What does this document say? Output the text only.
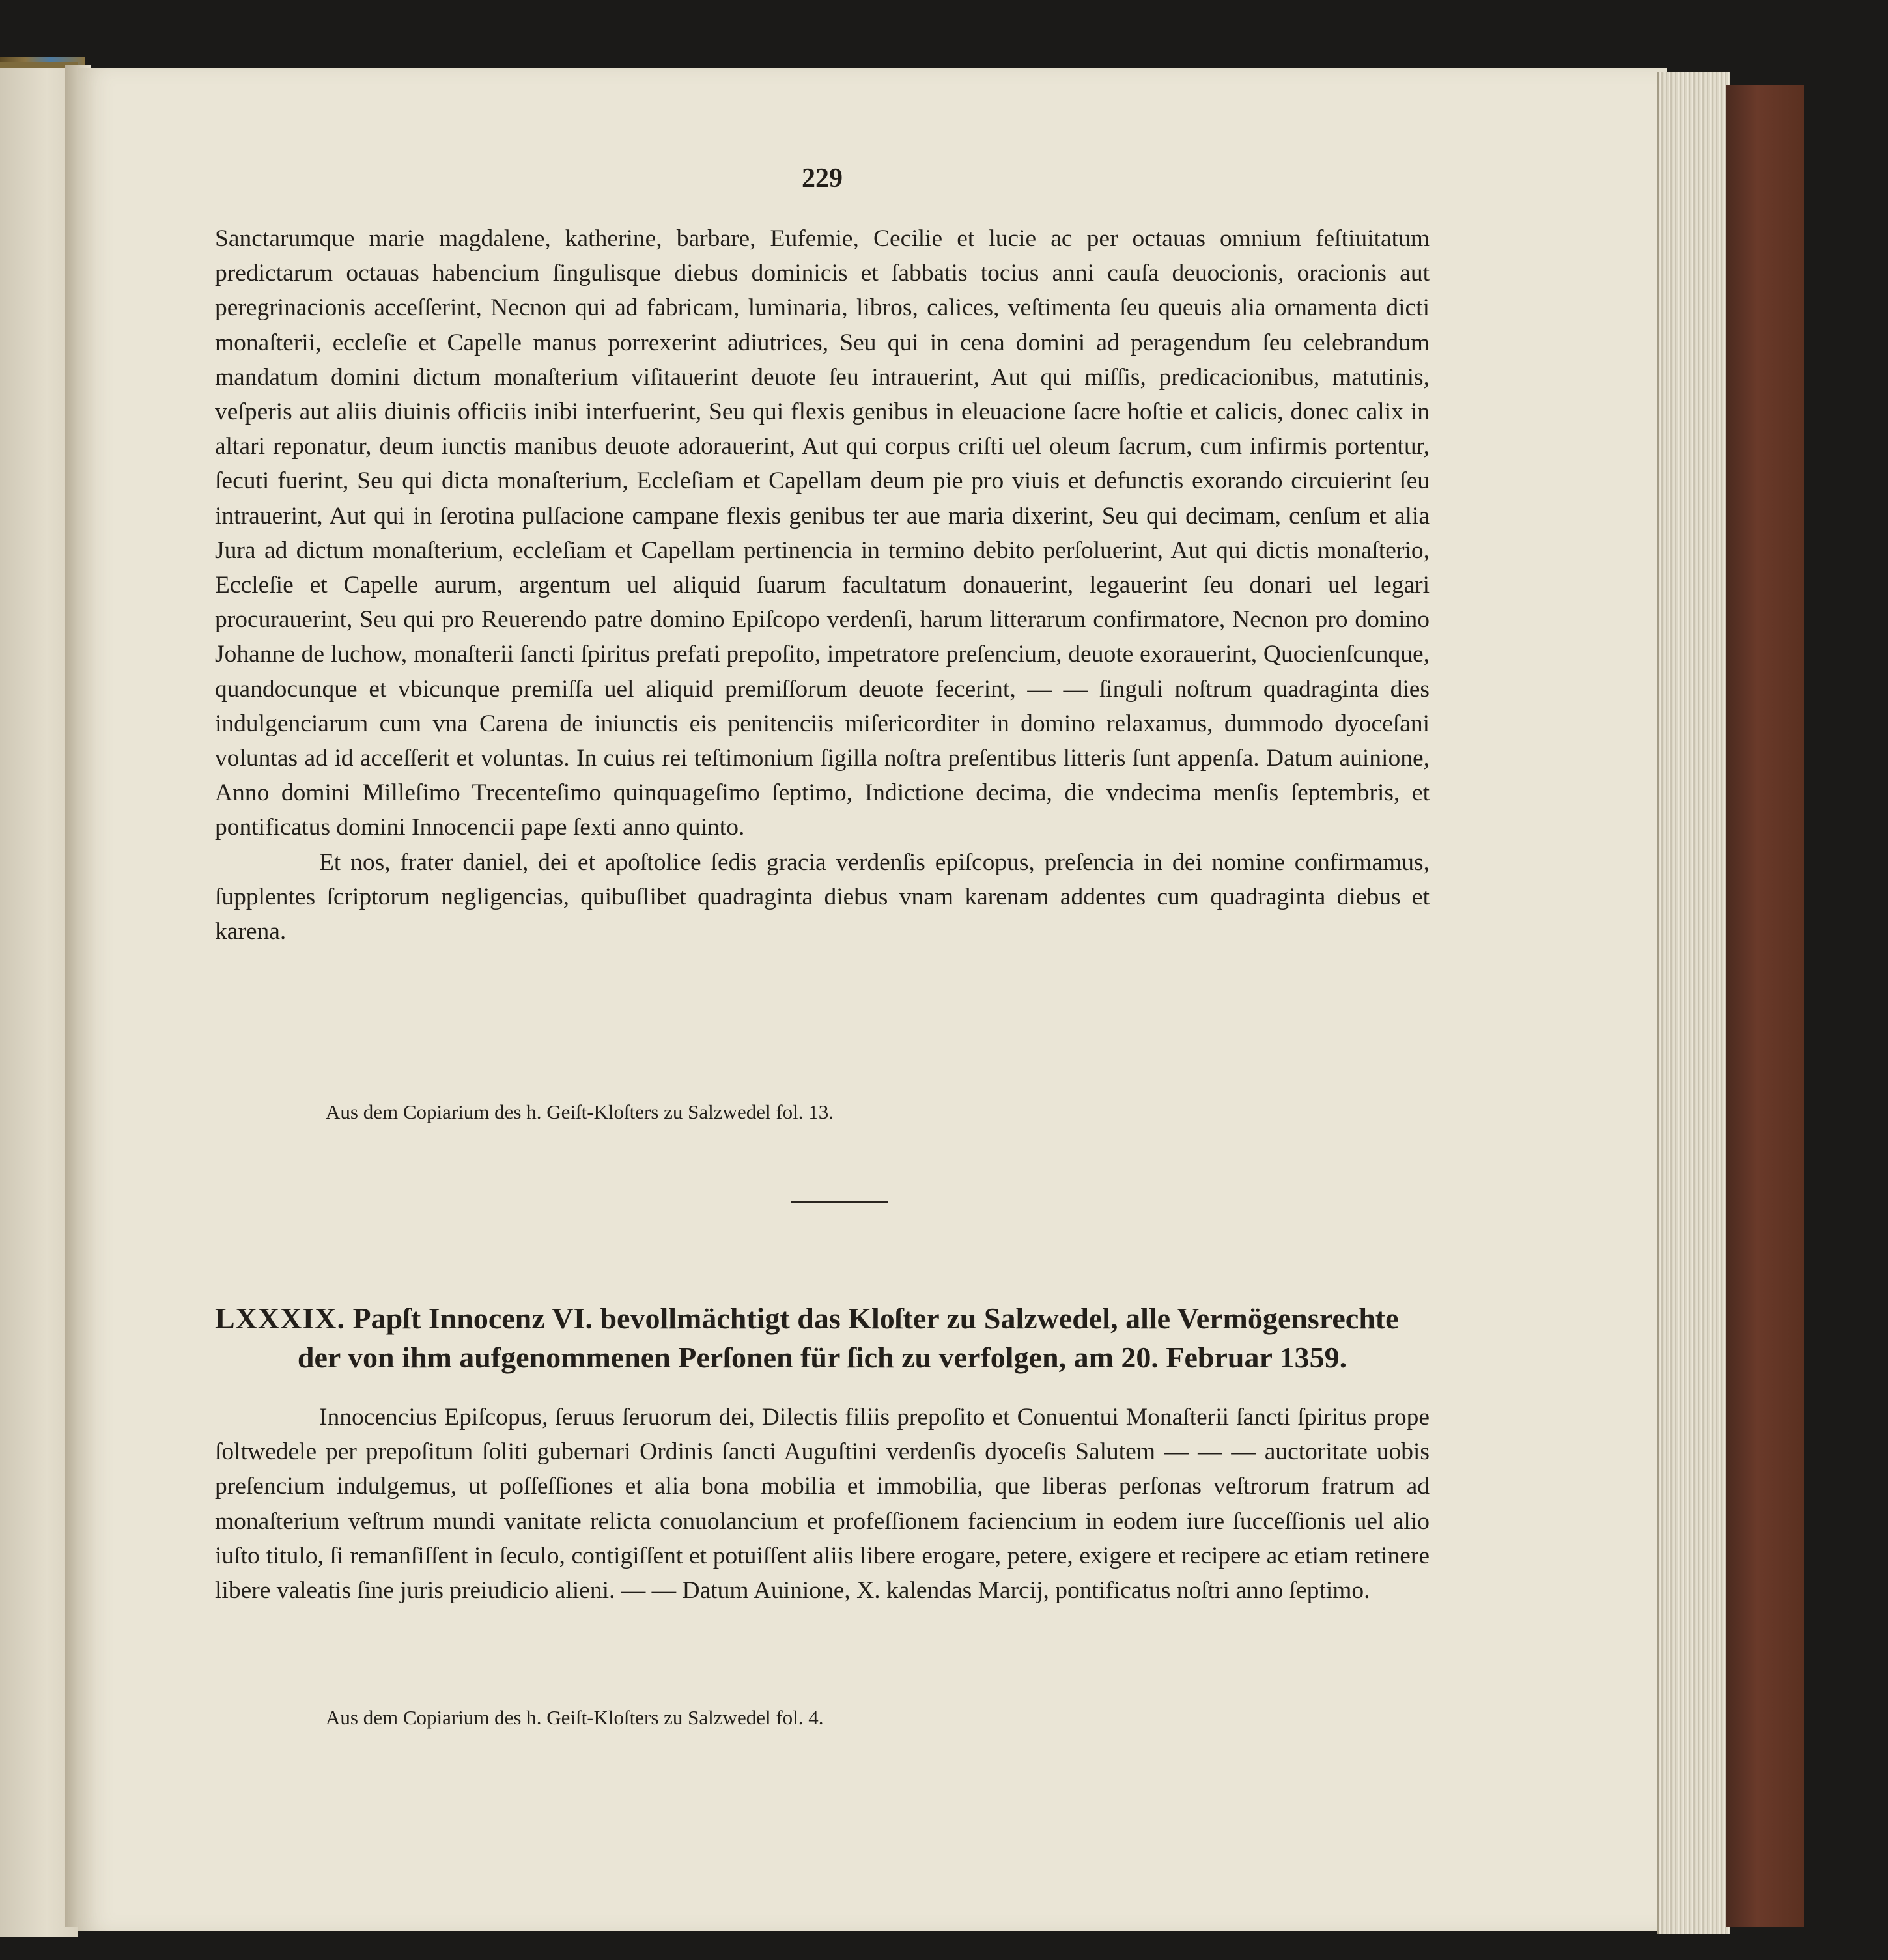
229
Sanctarumque marie magdalene, katherine, barbare, Eufemie, Cecilie et lucie ac per octauas omnium feſtiuitatum predictarum octauas habencium ſingulisque diebus dominicis et ſabbatis tocius anni cauſa deuocionis, oracionis aut peregrinacionis acceſſerint, Necnon qui ad fabricam, luminaria, libros, calices, veſtimenta ſeu queuis alia ornamenta dicti monaſterii, eccleſie et Capelle manus porrexerint adiutrices, Seu qui in cena domini ad peragendum ſeu celebrandum mandatum domini dictum monaſterium viſitauerint deuote ſeu intrauerint, Aut qui miſſis, predicacionibus, matutinis, veſperis aut aliis diuinis officiis inibi interfuerint, Seu qui flexis genibus in eleuacione ſacre hoſtie et calicis, donec calix in altari reponatur, deum iunctis manibus deuote adorauerint, Aut qui corpus criſti uel oleum ſacrum, cum infirmis portentur, ſecuti fuerint, Seu qui dicta monaſterium, Eccleſiam et Capellam deum pie pro viuis et defunctis exorando circuierint ſeu intrauerint, Aut qui in ſerotina pulſacione campane flexis genibus ter aue maria dixerint, Seu qui decimam, cenſum et alia Jura ad dictum monaſterium, eccleſiam et Capellam pertinencia in termino debito perſoluerint, Aut qui dictis monaſterio, Eccleſie et Capelle aurum, argentum uel aliquid ſuarum facultatum donauerint, legauerint ſeu donari uel legari procurauerint, Seu qui pro Reuerendo patre domino Epiſcopo verdenſi, harum litterarum confirmatore, Necnon pro domino Johanne de luchow, monaſterii ſancti ſpiritus prefati prepoſito, impetratore preſencium, deuote exorauerint, Quocienſcunque, quandocunque et vbicunque premiſſa uel aliquid premiſſorum deuote fecerint, — — ſinguli noſtrum quadraginta dies indulgenciarum cum vna Carena de iniunctis eis penitenciis miſericorditer in domino relaxamus, dummodo dyoceſani voluntas ad id acceſſerit et voluntas. In cuius rei teſtimonium ſigilla noſtra preſentibus litteris ſunt appenſa. Datum auinione, Anno domini Milleſimo Trecenteſimo quinquageſimo ſeptimo, Indictione decima, die vndecima menſis ſeptembris, et pontificatus domini Innocencii pape ſexti anno quinto.
Et nos, frater daniel, dei et apoſtolice ſedis gracia verdenſis epiſcopus, preſencia in dei nomine confirmamus, ſupplentes ſcriptorum negligencias, quibuſlibet quadraginta diebus vnam karenam addentes cum quadraginta diebus et karena.
Aus dem Copiarium des h. Geiſt-Kloſters zu Salzwedel fol. 13.
LXXXIX. Papſt Innocenz VI. bevollmächtigt das Kloſter zu Salzwedel, alle Vermögensrechte
der von ihm aufgenommenen Perſonen für ſich zu verfolgen, am 20. Februar 1359.
Innocencius Epiſcopus, ſeruus ſeruorum dei, Dilectis filiis prepoſito et Conuentui Monaſterii ſancti ſpiritus prope ſoltwedele per prepoſitum ſoliti gubernari Ordinis ſancti Auguſtini verdenſis dyoceſis Salutem — — — auctoritate uobis preſencium indulgemus, ut poſſeſſiones et alia bona mobilia et immobilia, que liberas perſonas veſtrorum fratrum ad monaſterium veſtrum mundi vanitate relicta conuolancium et profeſſionem faciencium in eodem iure ſucceſſionis uel alio iuſto titulo, ſi remanſiſſent in ſeculo, contigiſſent et potuiſſent aliis libere erogare, petere, exigere et recipere ac etiam retinere libere valeatis ſine juris preiudicio alieni. — — Datum Auinione, X. kalendas Marcij, pontificatus noſtri anno ſeptimo.
Aus dem Copiarium des h. Geiſt-Kloſters zu Salzwedel fol. 4.
